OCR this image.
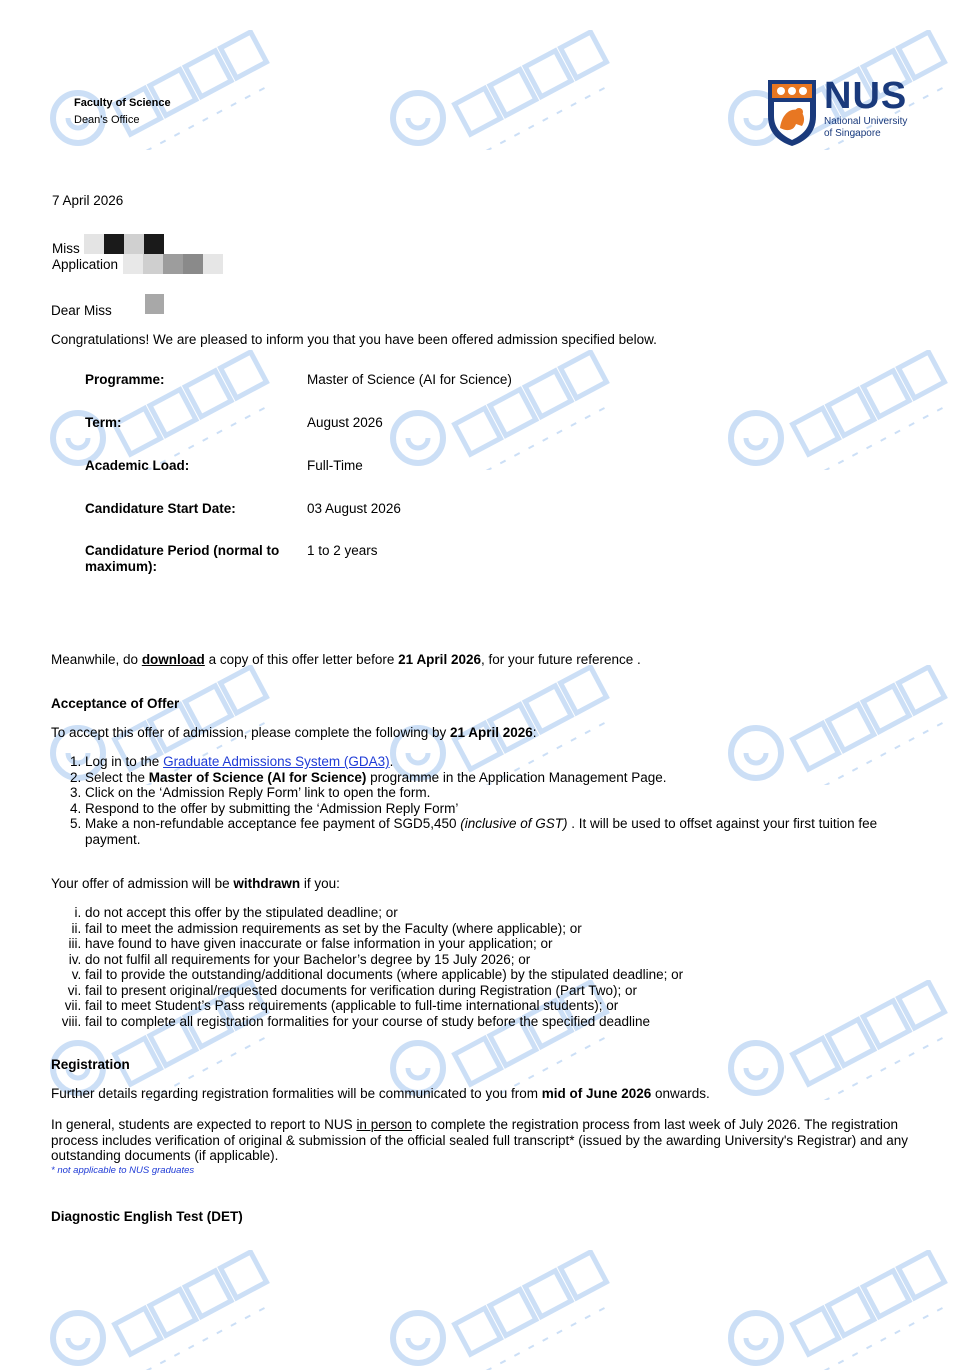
Faculty of Science
Dean's Office
NUS
National University
of Singapore
7 April 2026
Miss
Application
Dear Miss
Congratulations! We are pleased to inform you that you have been offered admission specified below.
Programme:	Master of Science (AI for Science)
Term:	August 2026
Academic Load:	Full-Time
Candidature Start Date:	03 August 2026
Candidature Period (normal to maximum):	1 to 2 years
Meanwhile, do download a copy of this offer letter before 21 April 2026, for your future reference .
Acceptance of Offer
To accept this offer of admission, please complete the following by 21 April 2026:
1. Log in to the Graduate Admissions System (GDA3).
2. Select the Master of Science (AI for Science) programme in the Application Management Page.
3. Click on the ‘Admission Reply Form’ link to open the form.
4. Respond to the offer by submitting the ‘Admission Reply Form’
5. Make a non-refundable acceptance fee payment of SGD5,450 (inclusive of GST) . It will be used to offset against your first tuition fee payment.
Your offer of admission will be withdrawn if you:
i. do not accept this offer by the stipulated deadline; or
ii. fail to meet the admission requirements as set by the Faculty (where applicable); or
iii. have found to have given inaccurate or false information in your application; or
iv. do not fulfil all requirements for your Bachelor’s degree by 15 July 2026; or
v. fail to provide the outstanding/additional documents (where applicable) by the stipulated deadline; or
vi. fail to present original/requested documents for verification during Registration (Part Two); or
vii. fail to meet Student’s Pass requirements (applicable to full-time international students); or
viii. fail to complete all registration formalities for your course of study before the specified deadline
Registration
Further details regarding registration formalities will be communicated to you from mid of June 2026 onwards.
In general, students are expected to report to NUS in person to complete the registration process from last week of July 2026. The registration process includes verification of original & submission of the official sealed full transcript* (issued by the awarding University's Registrar) and any outstanding documents (if applicable).
* not applicable to NUS graduates
Diagnostic English Test (DET)
